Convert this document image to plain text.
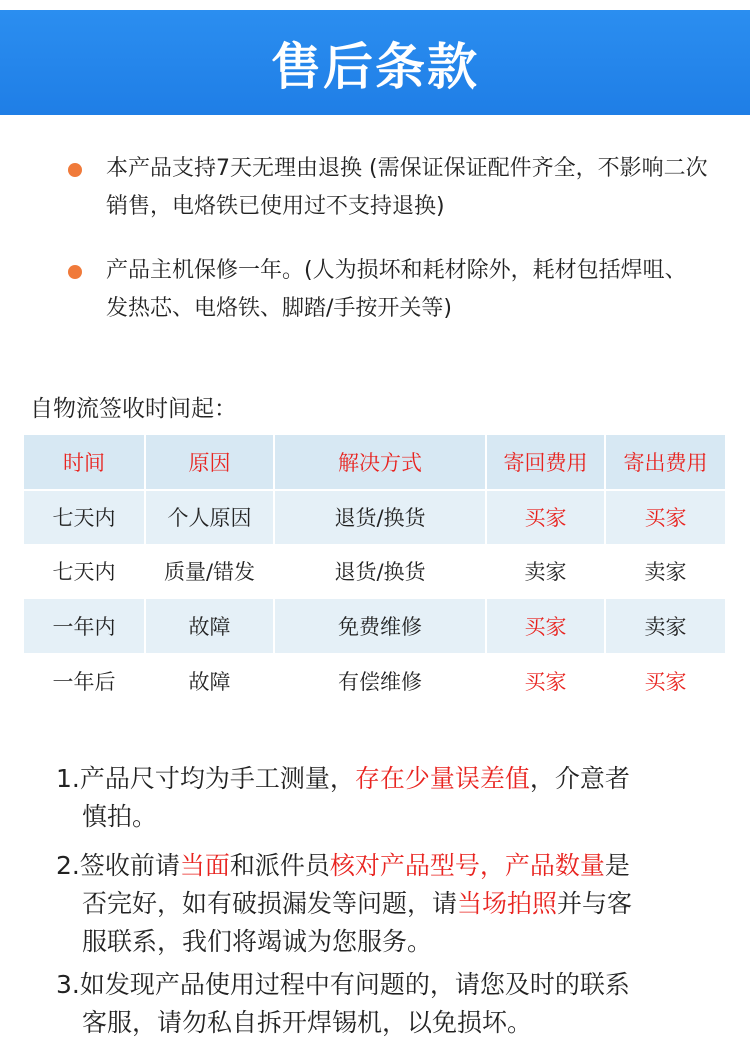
售后条款
本产品支持7天无理由退换 (需保证保证配件齐全，不影响二次销售，电烙铁已使用过不支持退换)
产品主机保修一年。(人为损坏和耗材除外，耗材包括焊咀、发热芯、电烙铁、脚踏/手按开关等)
自物流签收时间起：
时间	原因	解决方式	寄回费用	寄出费用
七天内	个人原因	退货/换货	买家	买家
七天内	质量/错发	退货/换货	卖家	卖家
一年内	故障	免费维修	买家	卖家
一年后	故障	有偿维修	买家	买家
1.产品尺寸均为手工测量，存在少量误差值，介意者
慎拍。
2.签收前请当面和派件员核对产品型号，产品数量是
否完好，如有破损漏发等问题，请当场拍照并与客
服联系，我们将竭诚为您服务。
3.如发现产品使用过程中有问题的，请您及时的联系
客服，请勿私自拆开焊锡机，以免损坏。
